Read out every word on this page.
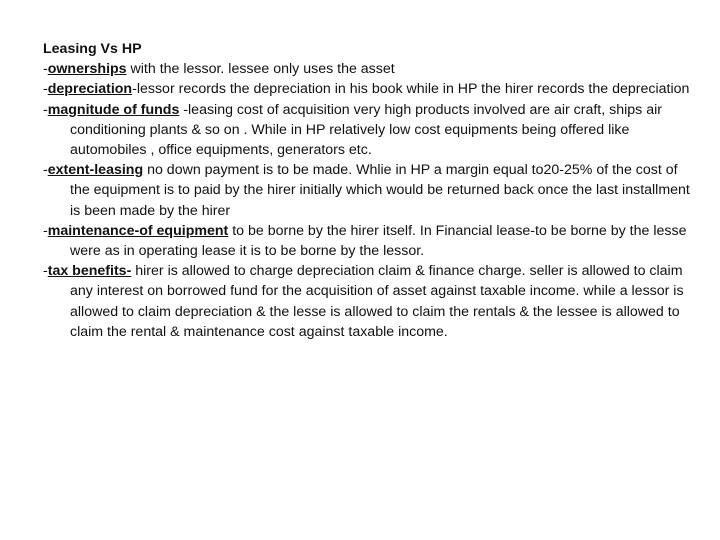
Leasing Vs HP
-ownerships with the lessor. lessee only uses the asset
-depreciation-lessor records the depreciation in his book while in HP the hirer records the depreciation
-magnitude of funds -leasing cost of acquisition very high products involved are air craft, ships air conditioning plants & so on . While in HP relatively low cost equipments being offered like automobiles , office equipments, generators etc.
-extent-leasing no down payment is to be made. Whlie in HP a margin equal to20-25% of the cost of the equipment is to paid by the hirer initially which would be returned back once the last installment is been made by the hirer
-maintenance-of equipment to be borne by the hirer itself. In Financial lease-to be borne by the lesse were as in operating lease it is to be borne by the lessor.
-tax benefits- hirer is allowed to charge depreciation claim & finance charge. seller is allowed to claim any interest on borrowed fund for the acquisition of asset against taxable income. while a lessor is allowed to claim depreciation & the lesse is allowed to claim the rentals & the lessee is allowed to claim the rental & maintenance cost against taxable income.
